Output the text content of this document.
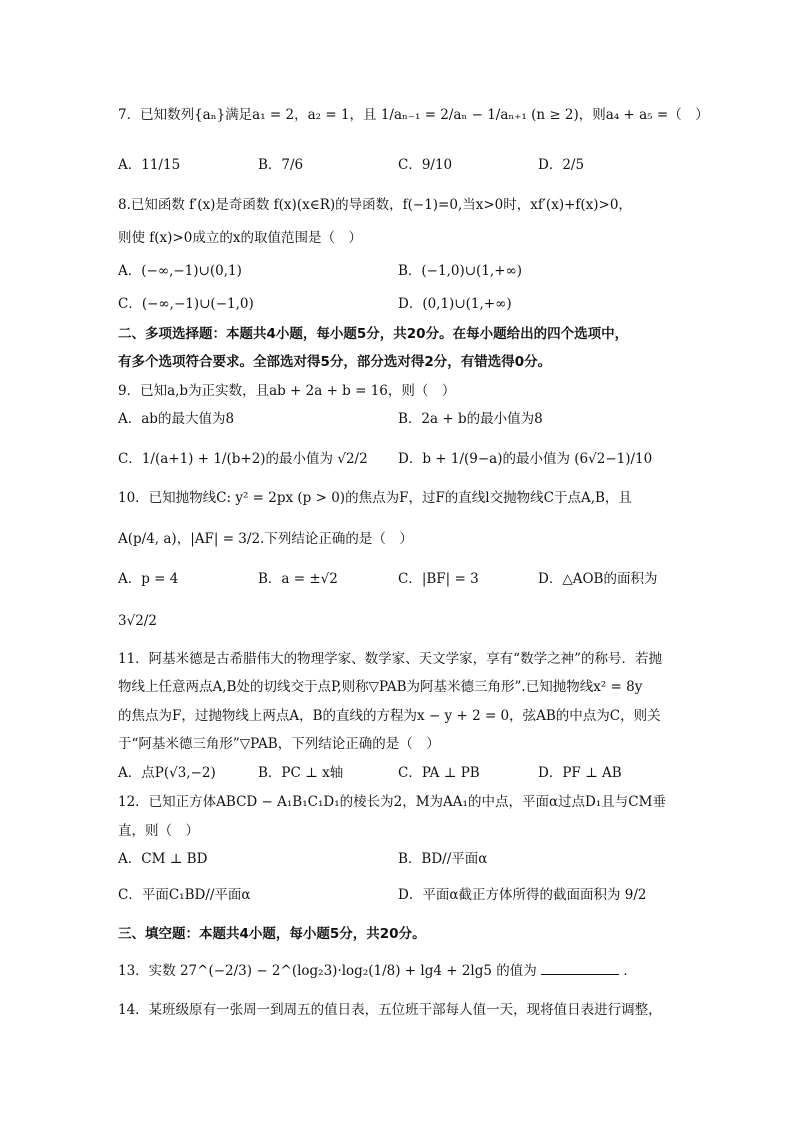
7．已知数列{aₙ}满足a₁ = 2，a₂ = 1，且 1/aₙ₋₁ = 2/aₙ − 1/aₙ₊₁ (n ≥ 2)，则a₄ + a₅ =（　）
A．11/15	B．7/6	C．9/10	D．2/5
8.已知函数 f′(x)是奇函数 f(x)(x∈R)的导函数，f(−1)=0,当x>0时，xf′(x)+f(x)>0，
则使 f(x)>0成立的x的取值范围是（　）
A．(−∞,−1)∪(0,1)	B．(−1,0)∪(1,+∞)
C．(−∞,−1)∪(−1,0)	D．(0,1)∪(1,+∞)
二、多项选择题：本题共4小题，每小题5分，共20分。在每小题给出的四个选项中，
有多个选项符合要求。全部选对得5分，部分选对得2分，有错选得0分。
9．已知a,b为正实数，且ab + 2a + b = 16，则（　）
A．ab的最大值为8	B．2a + b的最小值为8
C．1/(a+1) + 1/(b+2)的最小值为 √2/2 D．b + 1/(9−a)的最小值为 (6√2−1)/10
10．已知抛物线C: y² = 2px (p > 0)的焦点为F，过F的直线l交抛物线C于点A,B，且
A(p/4, a)，|AF| = 3/2.下列结论正确的是（　）
A．p = 4	B．a = ±√2	C．|BF| = 3	D．△AOB的面积为
3√2/2
11．阿基米德是古希腊伟大的物理学家、数学家、天文学家，享有“数学之神”的称号．若抛
物线上任意两点A,B处的切线交于点P,则称▽PAB为阿基米德三角形”.已知抛物线x² = 8y
的焦点为F，过抛物线上两点A，B的直线的方程为x − y + 2 = 0，弦AB的中点为C，则关
于“阿基米德三角形”▽PAB，下列结论正确的是（　）
A．点P(√3,−2)	B．PC ⊥ x轴	C．PA ⊥ PB	D．PF ⊥ AB
12．已知正方体ABCD − A₁B₁C₁D₁的棱长为2，M为AA₁的中点，平面α过点D₁且与CM垂
直，则（　）
A．CM ⊥ BD	B．BD//平面α
C．平面C₁BD//平面α	D．平面α截正方体所得的截面面积为 9/2
三、填空题：本题共4小题，每小题5分，共20分。
13．实数 27^(−2/3) − 2^(log₂3)·log₂(1/8) + lg4 + 2lg5 的值为	．
14．某班级原有一张周一到周五的值日表，五位班干部每人值一天，现将值日表进行调整，
